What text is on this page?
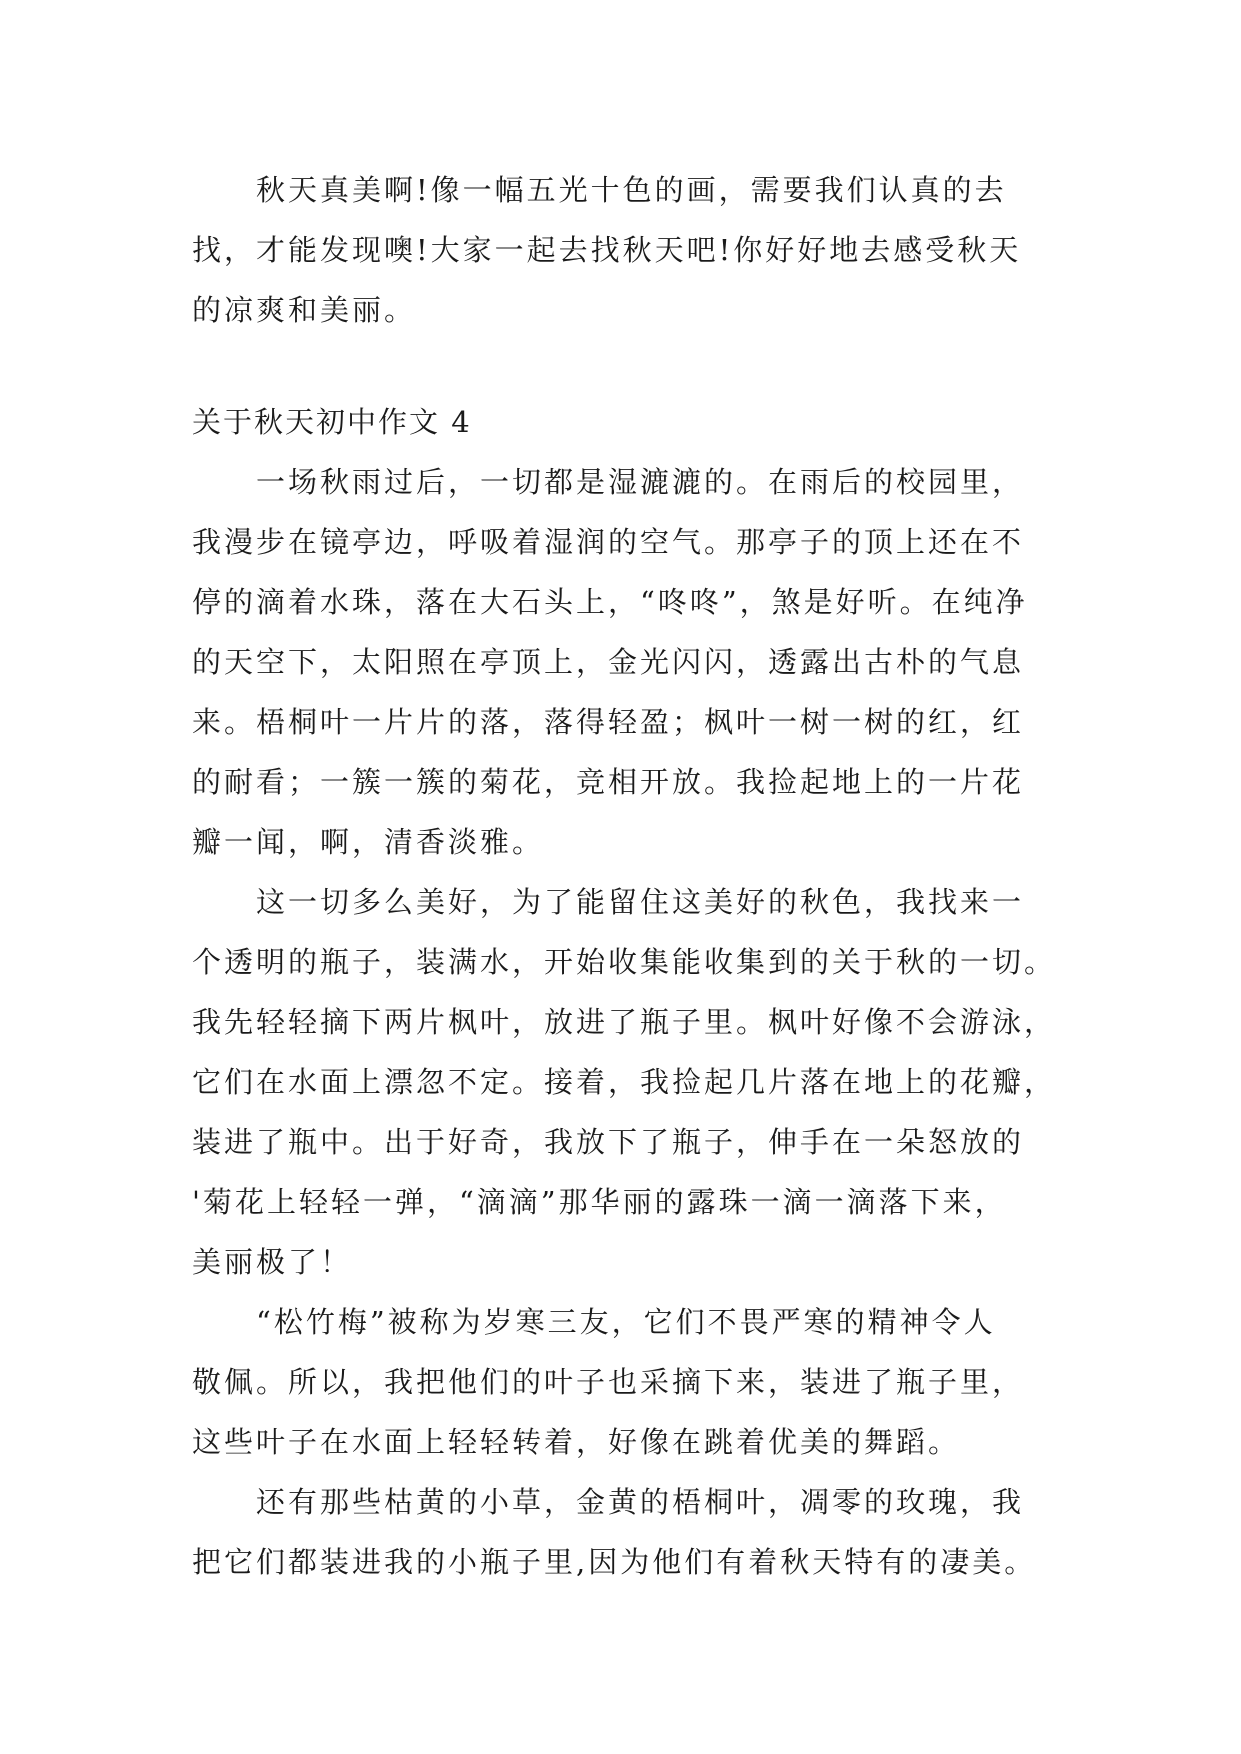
秋天真美啊!像一幅五光十色的画，需要我们认真的去
找，才能发现噢!大家一起去找秋天吧!你好好地去感受秋天
的凉爽和美丽。
关于秋天初中作文 4
一场秋雨过后，一切都是湿漉漉的。在雨后的校园里，
我漫步在镜亭边，呼吸着湿润的空气。那亭子的顶上还在不
停的滴着水珠，落在大石头上，“咚咚”，煞是好听。在纯净
的天空下，太阳照在亭顶上，金光闪闪，透露出古朴的气息
来。梧桐叶一片片的落，落得轻盈；枫叶一树一树的红，红
的耐看；一簇一簇的菊花，竞相开放。我捡起地上的一片花
瓣一闻，啊，清香淡雅。
这一切多么美好，为了能留住这美好的秋色，我找来一
个透明的瓶子，装满水，开始收集能收集到的关于秋的一切。
我先轻轻摘下两片枫叶，放进了瓶子里。枫叶好像不会游泳，
它们在水面上漂忽不定。接着，我捡起几片落在地上的花瓣，
装进了瓶中。出于好奇，我放下了瓶子，伸手在一朵怒放的
'菊花上轻轻一弹，“滴滴”那华丽的露珠一滴一滴落下来，
美丽极了！
“松竹梅”被称为岁寒三友，它们不畏严寒的精神令人
敬佩。所以，我把他们的叶子也采摘下来，装进了瓶子里，
这些叶子在水面上轻轻转着，好像在跳着优美的舞蹈。
还有那些枯黄的小草，金黄的梧桐叶，凋零的玫瑰，我
把它们都装进我的小瓶子里,因为他们有着秋天特有的凄美。
